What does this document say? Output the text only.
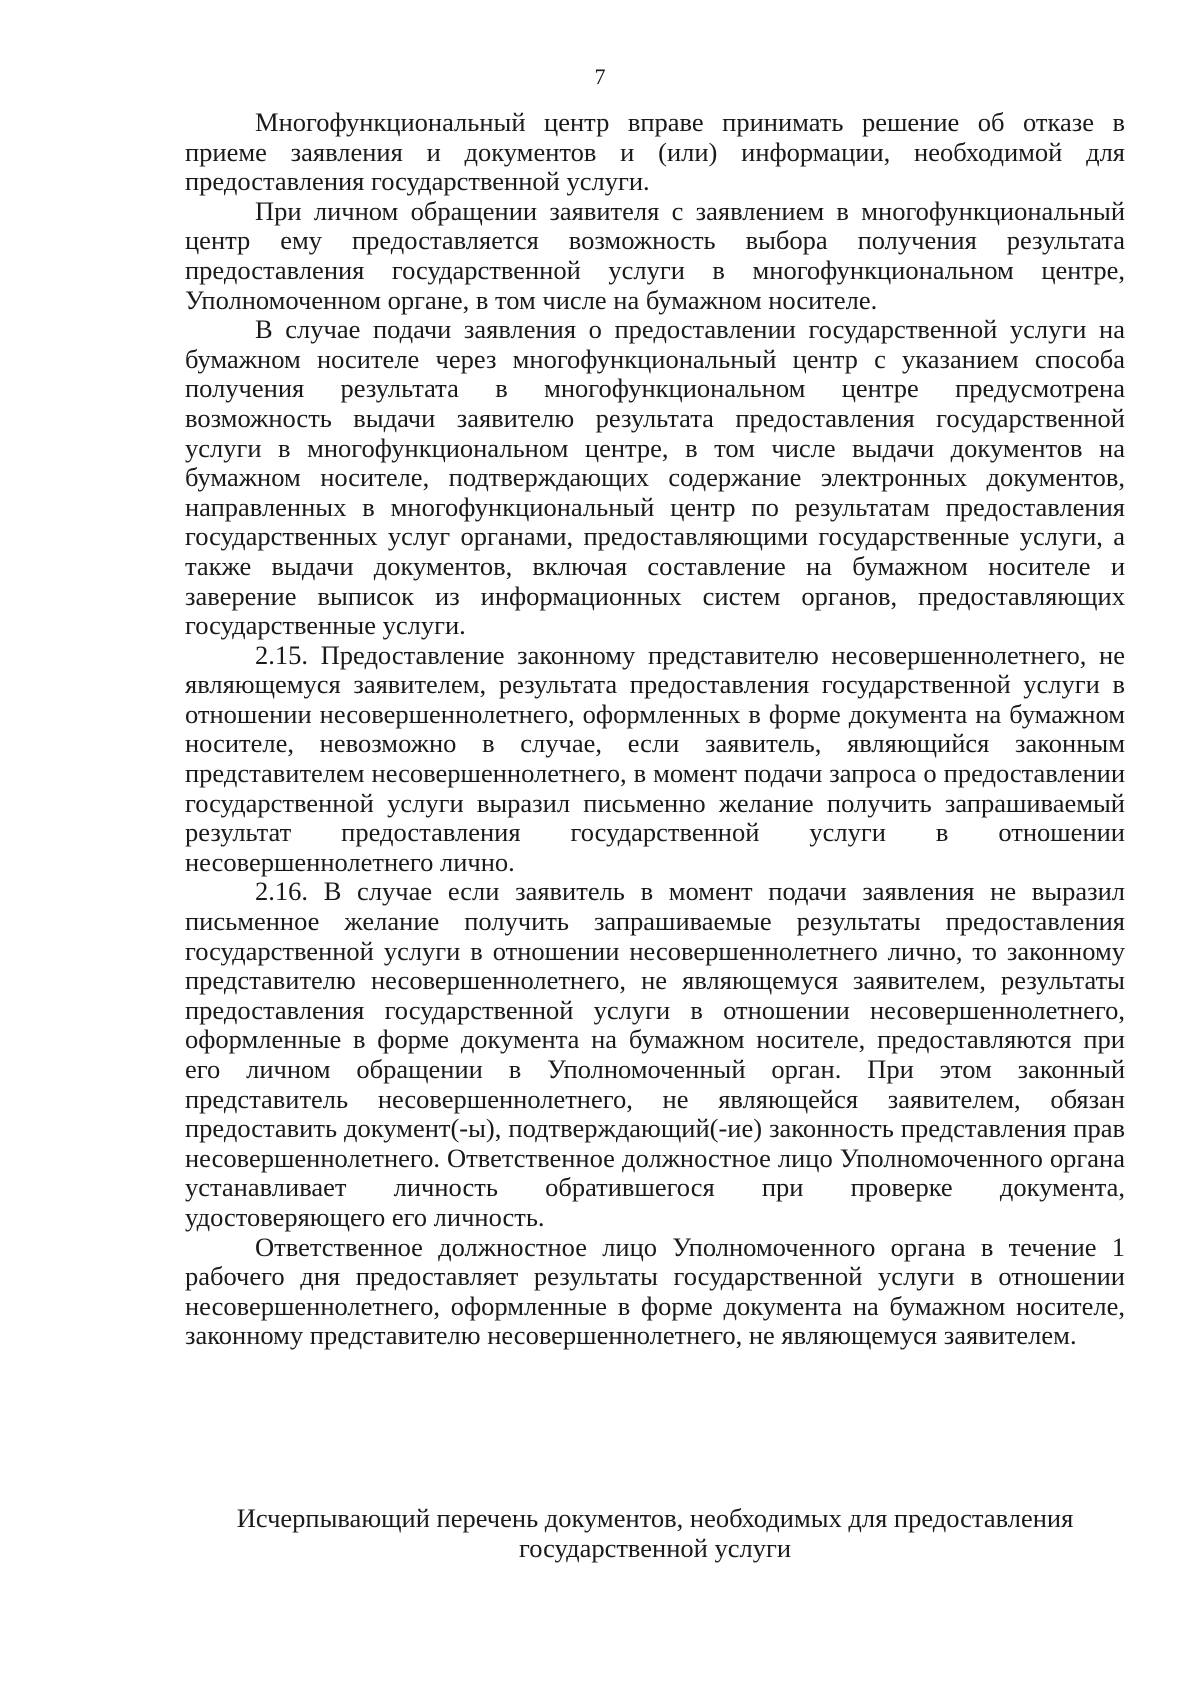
7

Многофункциональный центр вправе принимать решение об отказе в приеме заявления и документов и (или) информации, необходимой для предоставления государственной услуги.

При личном обращении заявителя с заявлением в многофункциональный центр ему предоставляется возможность выбора получения результата предоставления государственной услуги в многофункциональном центре, Уполномоченном органе, в том числе на бумажном носителе.

В случае подачи заявления о предоставлении государственной услуги на бумажном носителе через многофункциональный центр с указанием способа получения результата в многофункциональном центре предусмотрена возможность выдачи заявителю результата предоставления государственной услуги в многофункциональном центре, в том числе выдачи документов на бумажном носителе, подтверждающих содержание электронных документов, направленных в многофункциональный центр по результатам предоставления государственных услуг органами, предоставляющими государственные услуги, а также выдачи документов, включая составление на бумажном носителе и заверение выписок из информационных систем органов, предоставляющих государственные услуги.

2.15. Предоставление законному представителю несовершеннолетнего, не являющемуся заявителем, результата предоставления государственной услуги в отношении несовершеннолетнего, оформленных в форме документа на бумажном носителе, невозможно в случае, если заявитель, являющийся законным представителем несовершеннолетнего, в момент подачи запроса о предоставлении государственной услуги выразил письменно желание получить запрашиваемый результат предоставления государственной услуги в отношении несовершеннолетнего лично.

2.16. В случае если заявитель в момент подачи заявления не выразил письменное желание получить запрашиваемые результаты предоставления государственной услуги в отношении несовершеннолетнего лично, то законному представителю несовершеннолетнего, не являющемуся заявителем, результаты предоставления государственной услуги в отношении несовершеннолетнего, оформленные в форме документа на бумажном носителе, предоставляются при его личном обращении в Уполномоченный орган. При этом законный представитель несовершеннолетнего, не являющейся заявителем, обязан предоставить документ(-ы), подтверждающий(-ие) законность представления прав несовершеннолетнего. Ответственное должностное лицо Уполномоченного органа устанавливает личность обратившегося при проверке документа, удостоверяющего его личность.

Ответственное должностное лицо Уполномоченного органа в течение 1 рабочего дня предоставляет результаты государственной услуги в отношении несовершеннолетнего, оформленные в форме документа на бумажном носителе, законному представителю несовершеннолетнего, не являющемуся заявителем.

Исчерпывающий перечень документов, необходимых для предоставления
государственной услуги
